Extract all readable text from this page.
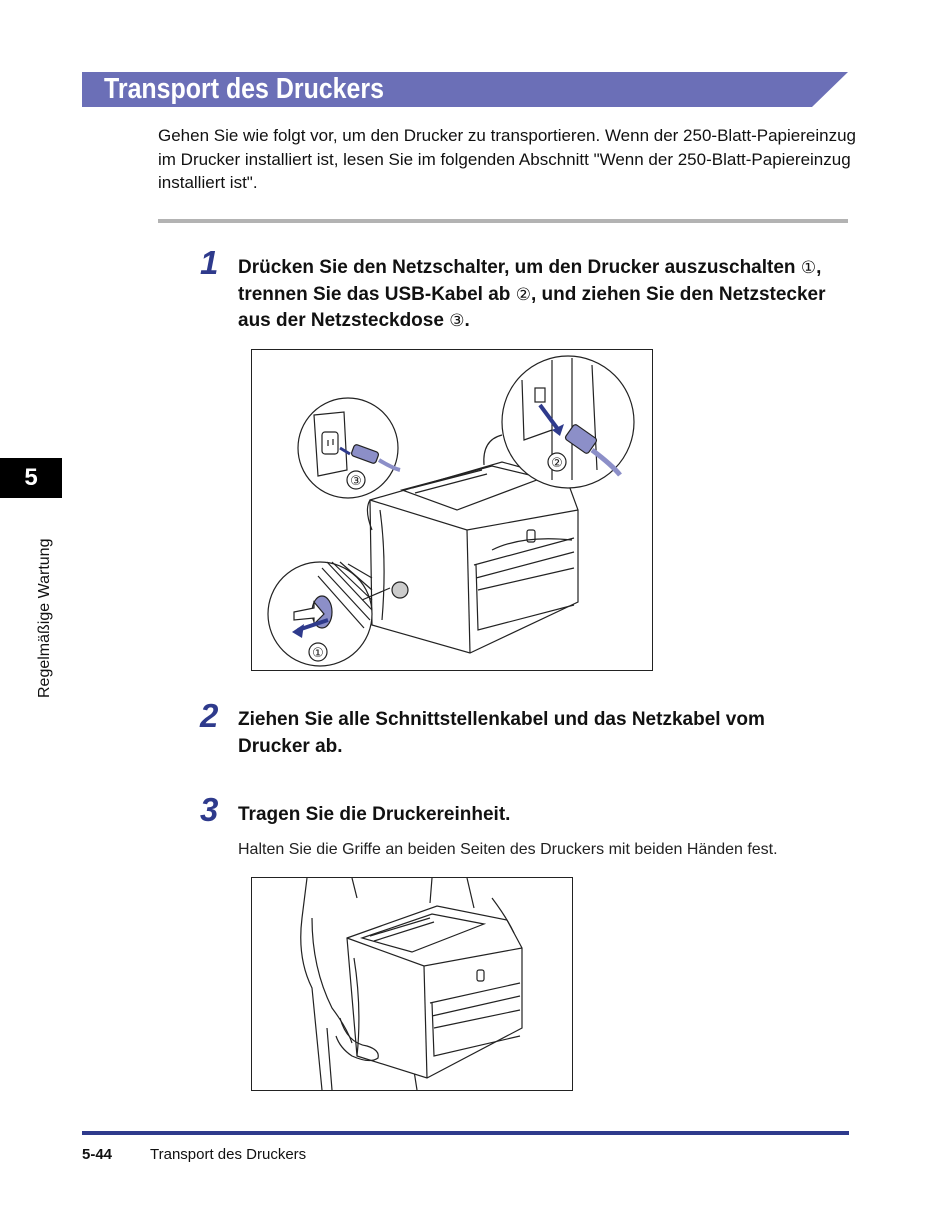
Transport des Druckers
Gehen Sie wie folgt vor, um den Drucker zu transportieren. Wenn der 250-Blatt-Papiereinzug im Drucker installiert ist, lesen Sie im folgenden Abschnitt "Wenn der 250-Blatt-Papiereinzug installiert ist".
1 Drücken Sie den Netzschalter, um den Drucker auszuschalten ①, trennen Sie das USB-Kabel ab ②, und ziehen Sie den Netzstecker aus der Netzsteckdose ③.
②
③
①
2 Ziehen Sie alle Schnittstellenkabel und das Netzkabel vom Drucker ab.
3 Tragen Sie die Druckereinheit.
Halten Sie die Griffe an beiden Seiten des Druckers mit beiden Händen fest.
5
Regelmäßige Wartung
5-44	Transport des Druckers
